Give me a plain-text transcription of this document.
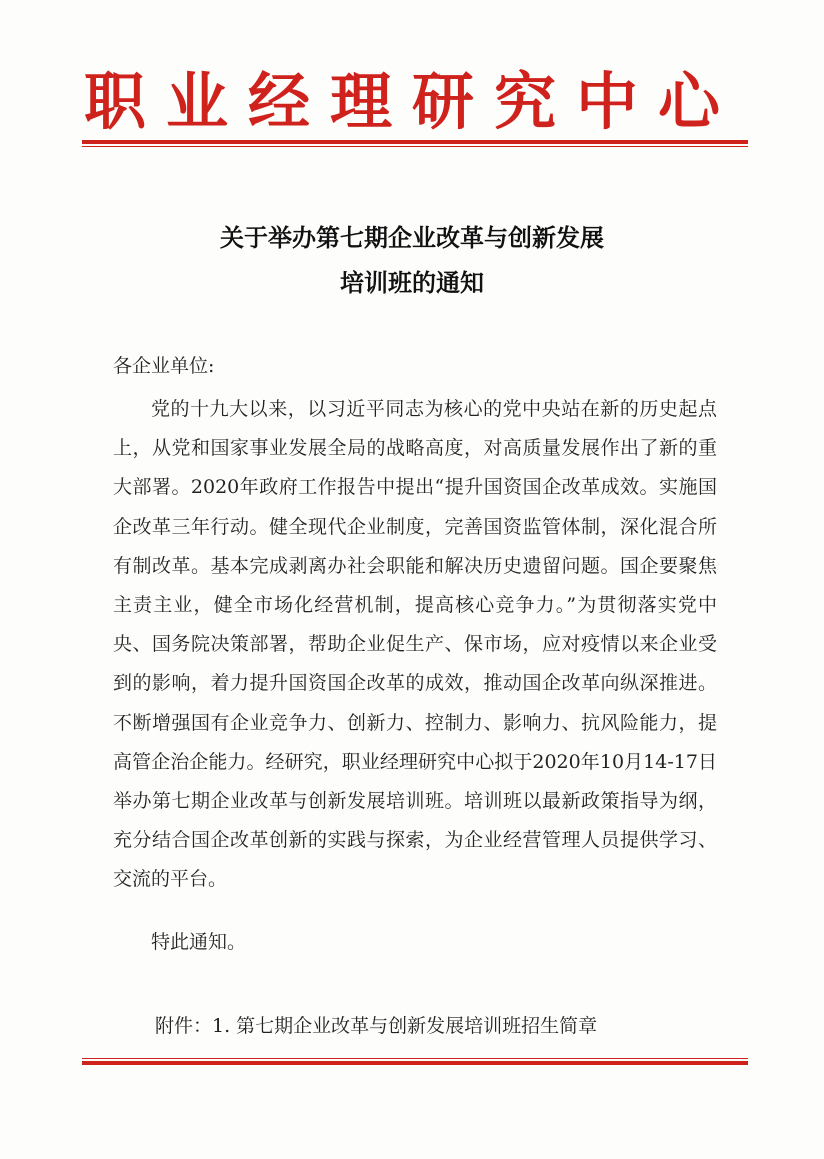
职业经理研究中心
关于举办第七期企业改革与创新发展
培训班的通知
各企业单位:

党的十九大以来，以习近平同志为核心的党中央站在新的历史起点上，从党和国家事业发展全局的战略高度，对高质量发展作出了新的重大部署。2020年政府工作报告中提出“提升国资国企改革成效。实施国企改革三年行动。健全现代企业制度，完善国资监管体制，深化混合所有制改革。基本完成剥离办社会职能和解决历史遗留问题。国企要聚焦主责主业，健全市场化经营机制，提高核心竞争力。”为贯彻落实党中央、国务院决策部署，帮助企业促生产、保市场，应对疫情以来企业受到的影响，着力提升国资国企改革的成效，推动国企改革向纵深推进。不断增强国有企业竞争力、创新力、控制力、影响力、抗风险能力，提高管企治企能力。经研究，职业经理研究中心拟于2020年10月14-17日举办第七期企业改革与创新发展培训班。培训班以最新政策指导为纲，充分结合国企改革创新的实践与探索，为企业经营管理人员提供学习、交流的平台。

特此通知。
附件：1. 第七期企业改革与创新发展培训班招生简章
